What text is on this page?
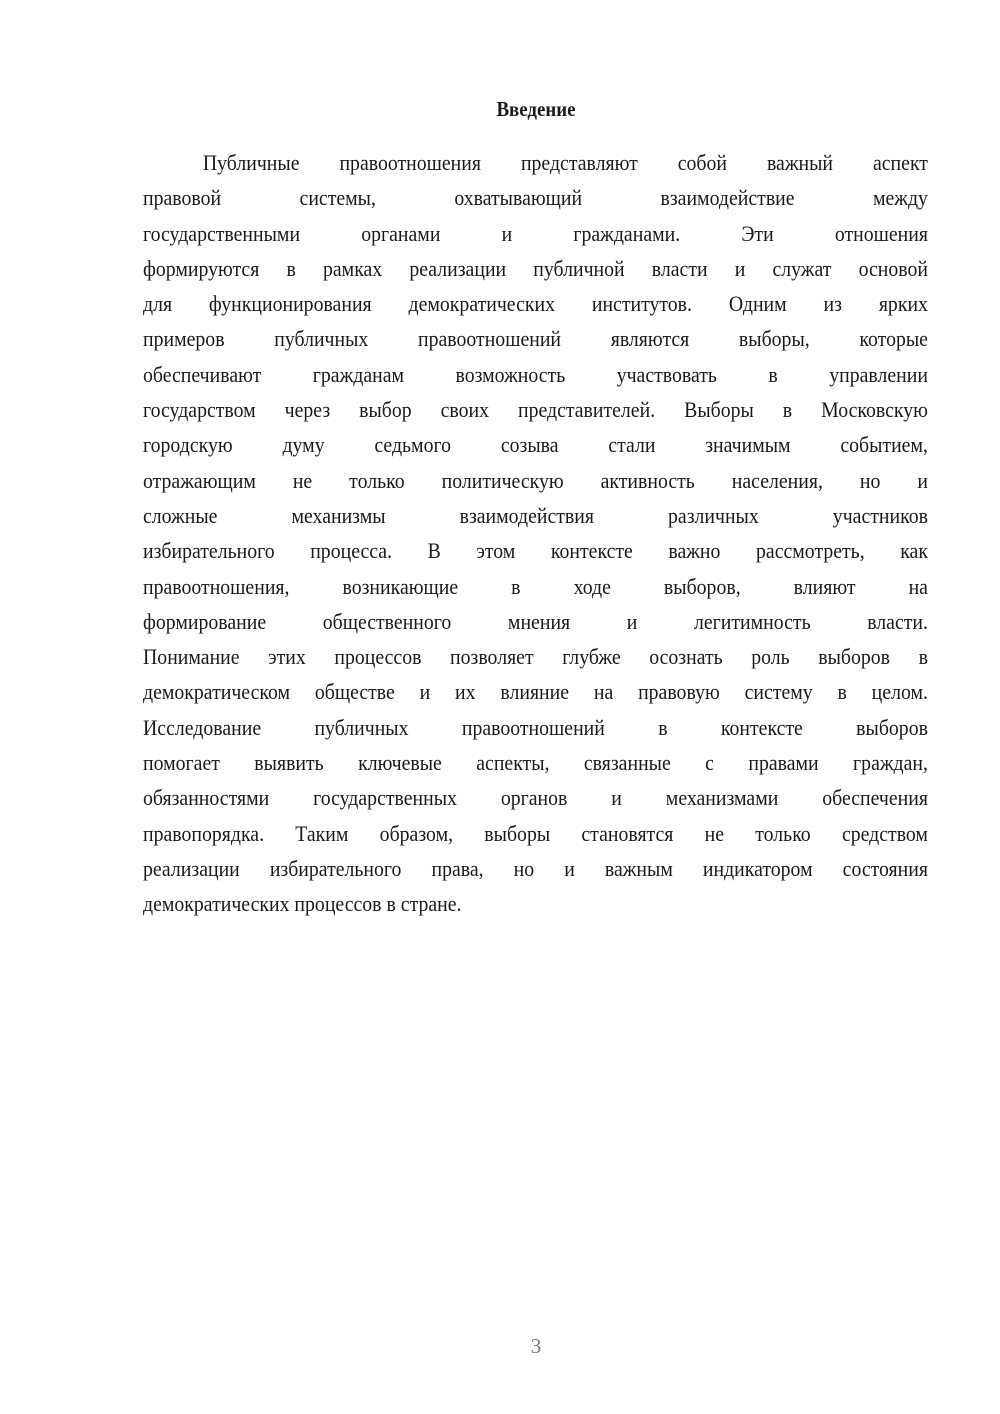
Введение
Публичные правоотношения представляют собой важный аспект
правовой системы, охватывающий взаимодействие между
государственными органами и гражданами. Эти отношения
формируются в рамках реализации публичной власти и служат основой
для функционирования демократических институтов. Одним из ярких
примеров публичных правоотношений являются выборы, которые
обеспечивают гражданам возможность участвовать в управлении
государством через выбор своих представителей. Выборы в Московскую
городскую думу седьмого созыва стали значимым событием,
отражающим не только политическую активность населения, но и
сложные механизмы взаимодействия различных участников
избирательного процесса. В этом контексте важно рассмотреть, как
правоотношения, возникающие в ходе выборов, влияют на
формирование общественного мнения и легитимность власти.
Понимание этих процессов позволяет глубже осознать роль выборов в
демократическом обществе и их влияние на правовую систему в целом.
Исследование публичных правоотношений в контексте выборов
помогает выявить ключевые аспекты, связанные с правами граждан,
обязанностями государственных органов и механизмами обеспечения
правопорядка. Таким образом, выборы становятся не только средством
реализации избирательного права, но и важным индикатором состояния
демократических процессов в стране.
3
